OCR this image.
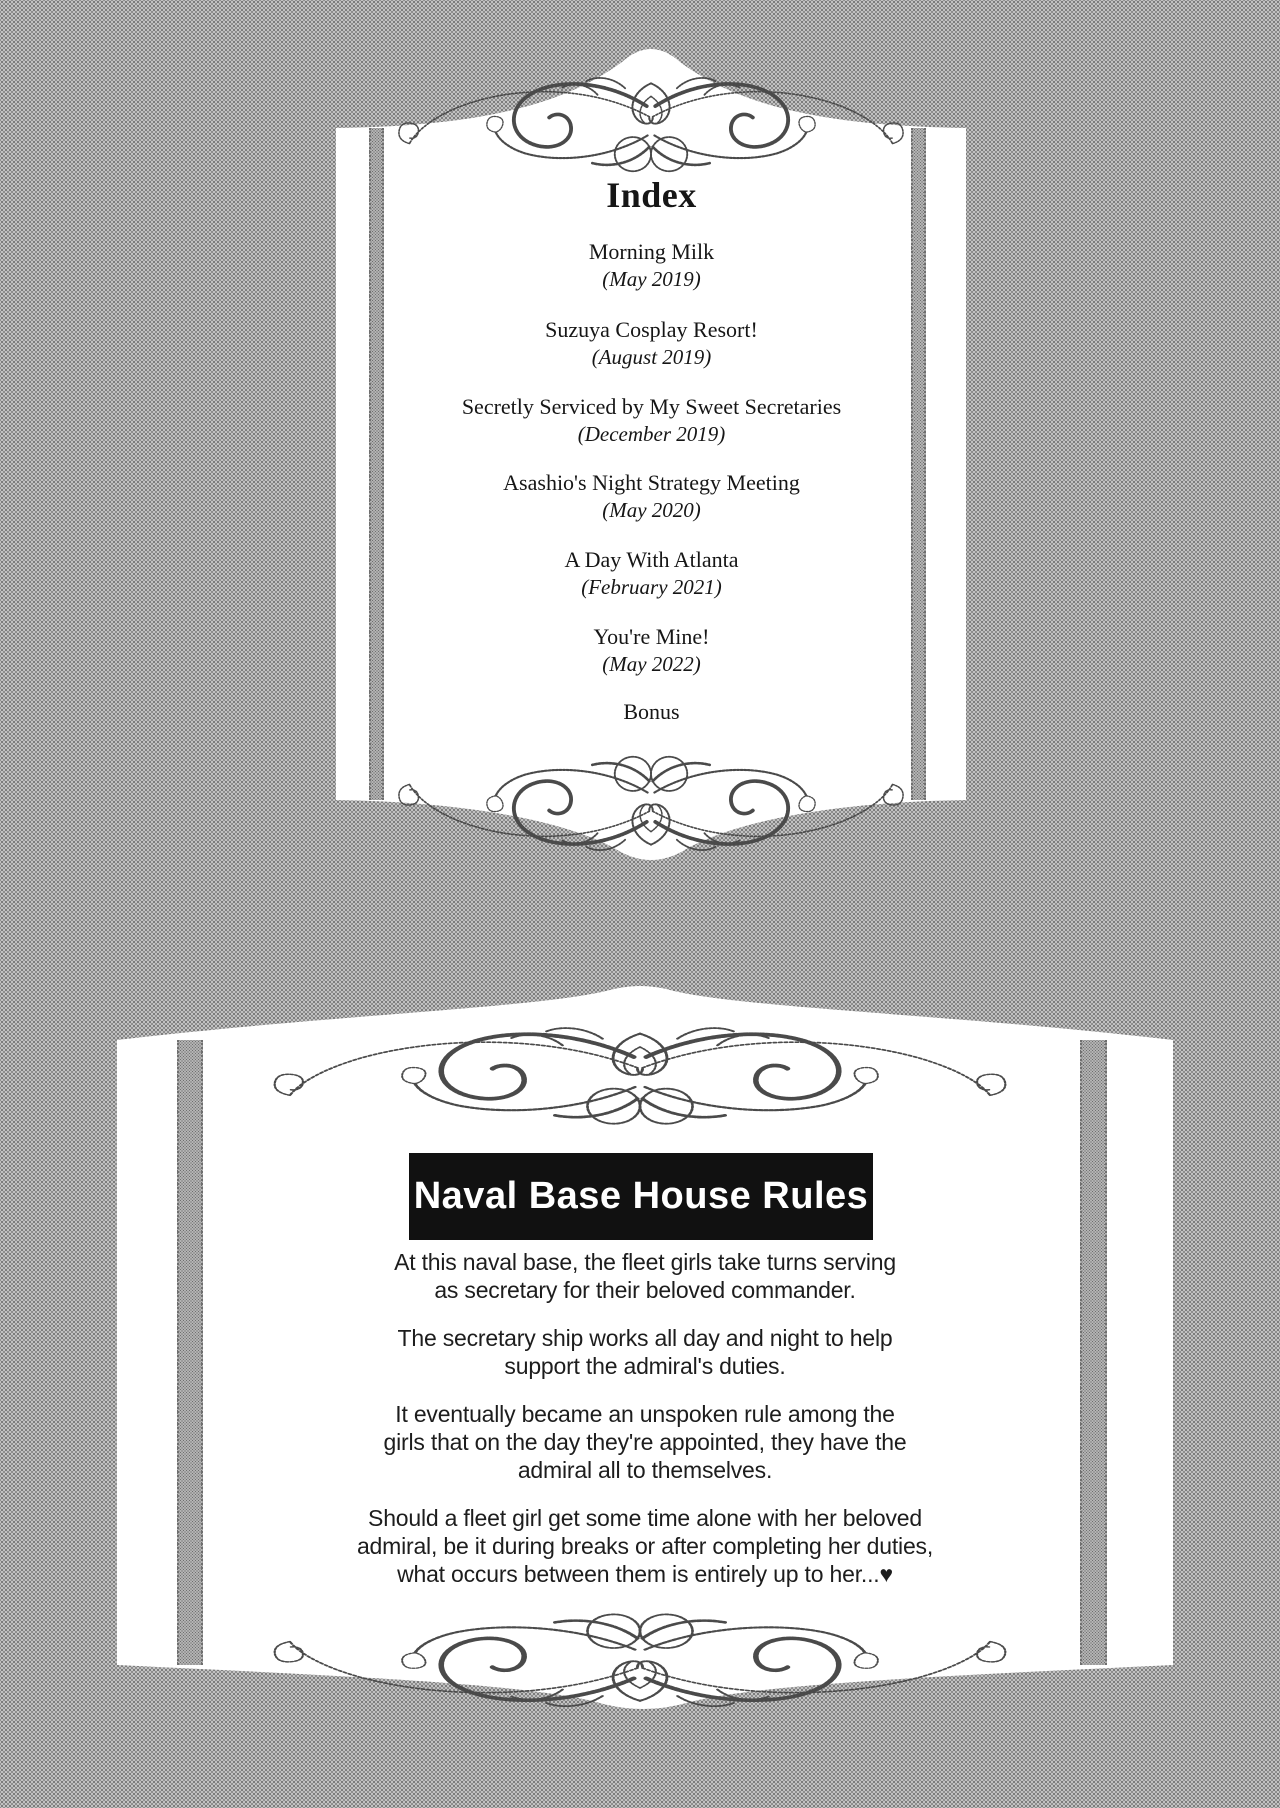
Index
Morning Milk
(May 2019)
Suzuya Cosplay Resort!
(August 2019)
Secretly Serviced by My Sweet Secretaries
(December 2019)
Asashio's Night Strategy Meeting
(May 2020)
A Day With Atlanta
(February 2021)
You're Mine!
(May 2022)
Bonus
Naval Base House Rules
At this naval base, the fleet girls take turns serving
as secretary for their beloved commander.
The secretary ship works all day and night to help
support the admiral's duties.
It eventually became an unspoken rule among the
girls that on the day they're appointed, they have the
admiral all to themselves.
Should a fleet girl get some time alone with her beloved
admiral, be it during breaks or after completing her duties,
what occurs between them is entirely up to her...♥
